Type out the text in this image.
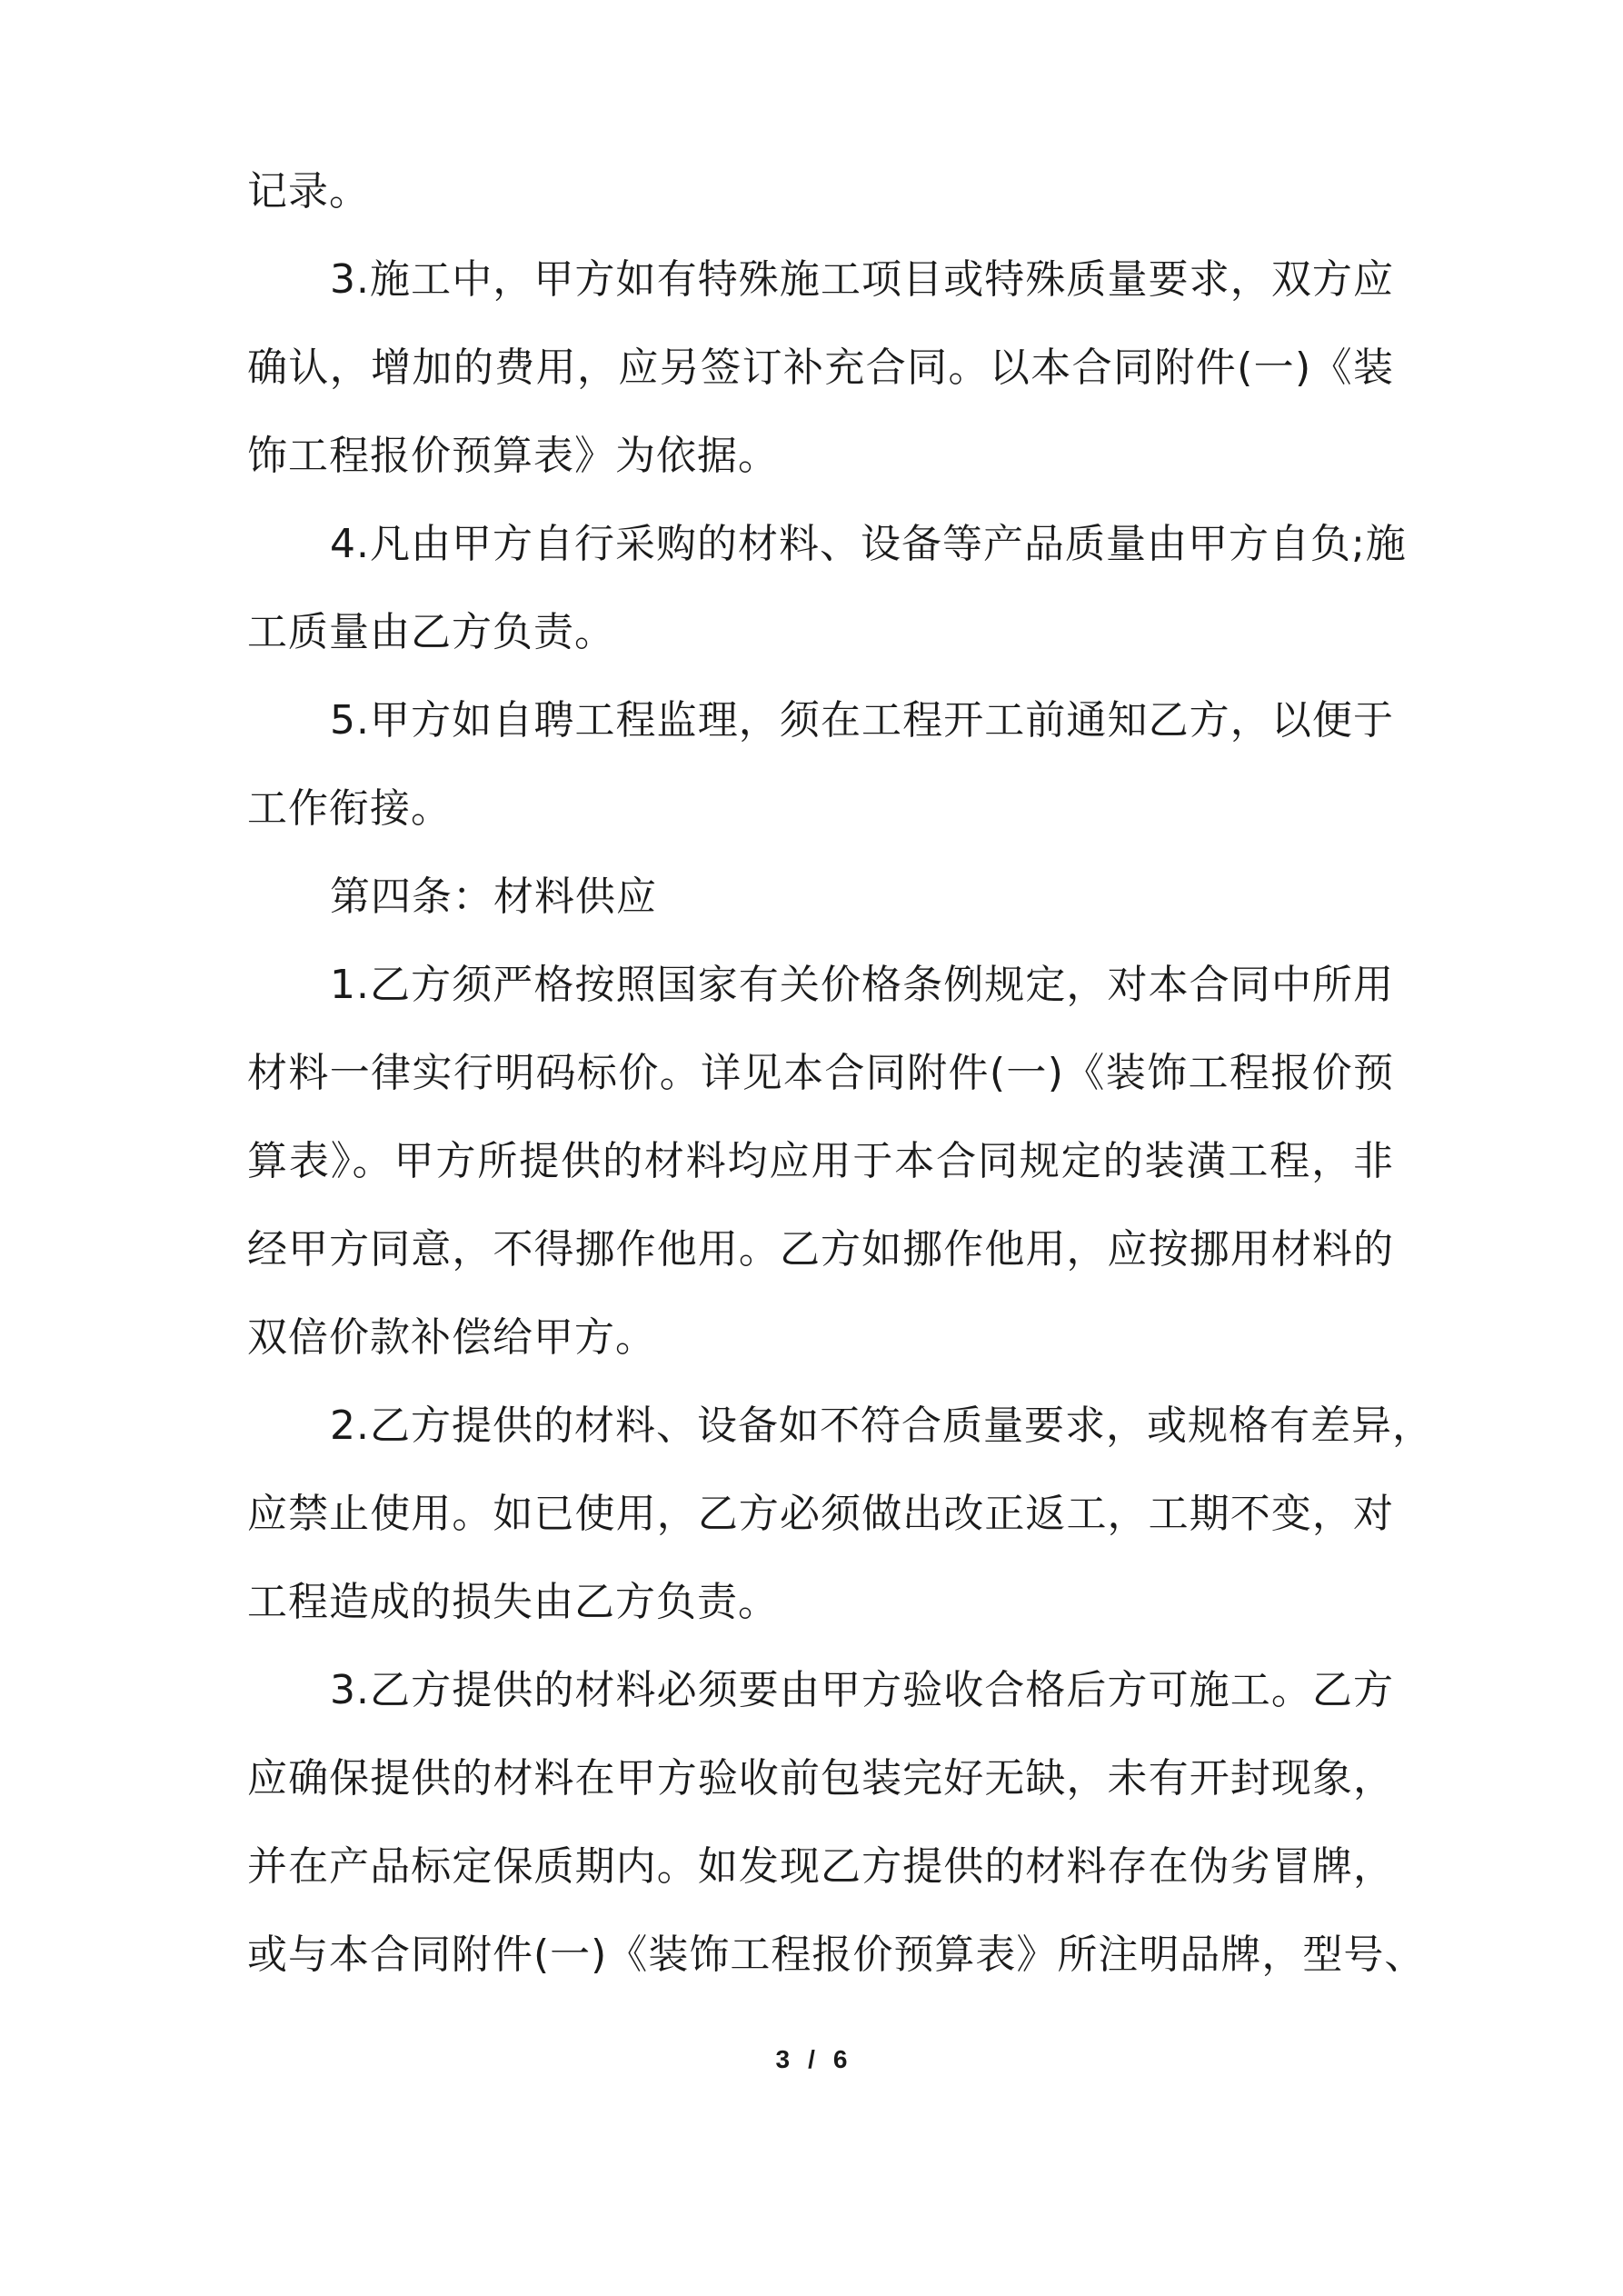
记录。
3.施工中，甲方如有特殊施工项目或特殊质量要求，双方应
确认，增加的费用，应另签订补充合同。以本合同附件(一)《装
饰工程报价预算表》为依据。
4.凡由甲方自行采购的材料、设备等产品质量由甲方自负;施
工质量由乙方负责。
5.甲方如自聘工程监理，须在工程开工前通知乙方，以便于
工作衔接。
第四条：材料供应
1.乙方须严格按照国家有关价格条例规定，对本合同中所用
材料一律实行明码标价。详见本合同附件(一)《装饰工程报价预
算表》。甲方所提供的材料均应用于本合同规定的装潢工程，非
经甲方同意，不得挪作他用。乙方如挪作他用，应按挪用材料的
双倍价款补偿给甲方。
2.乙方提供的材料、设备如不符合质量要求，或规格有差异，
应禁止使用。如已使用，乙方必须做出改正返工，工期不变，对
工程造成的损失由乙方负责。
3.乙方提供的材料必须要由甲方验收合格后方可施工。乙方
应确保提供的材料在甲方验收前包装完好无缺，未有开封现象，
并在产品标定保质期内。如发现乙方提供的材料存在伪劣冒牌，
或与本合同附件(一)《装饰工程报价预算表》所注明品牌，型号、
3 / 6
